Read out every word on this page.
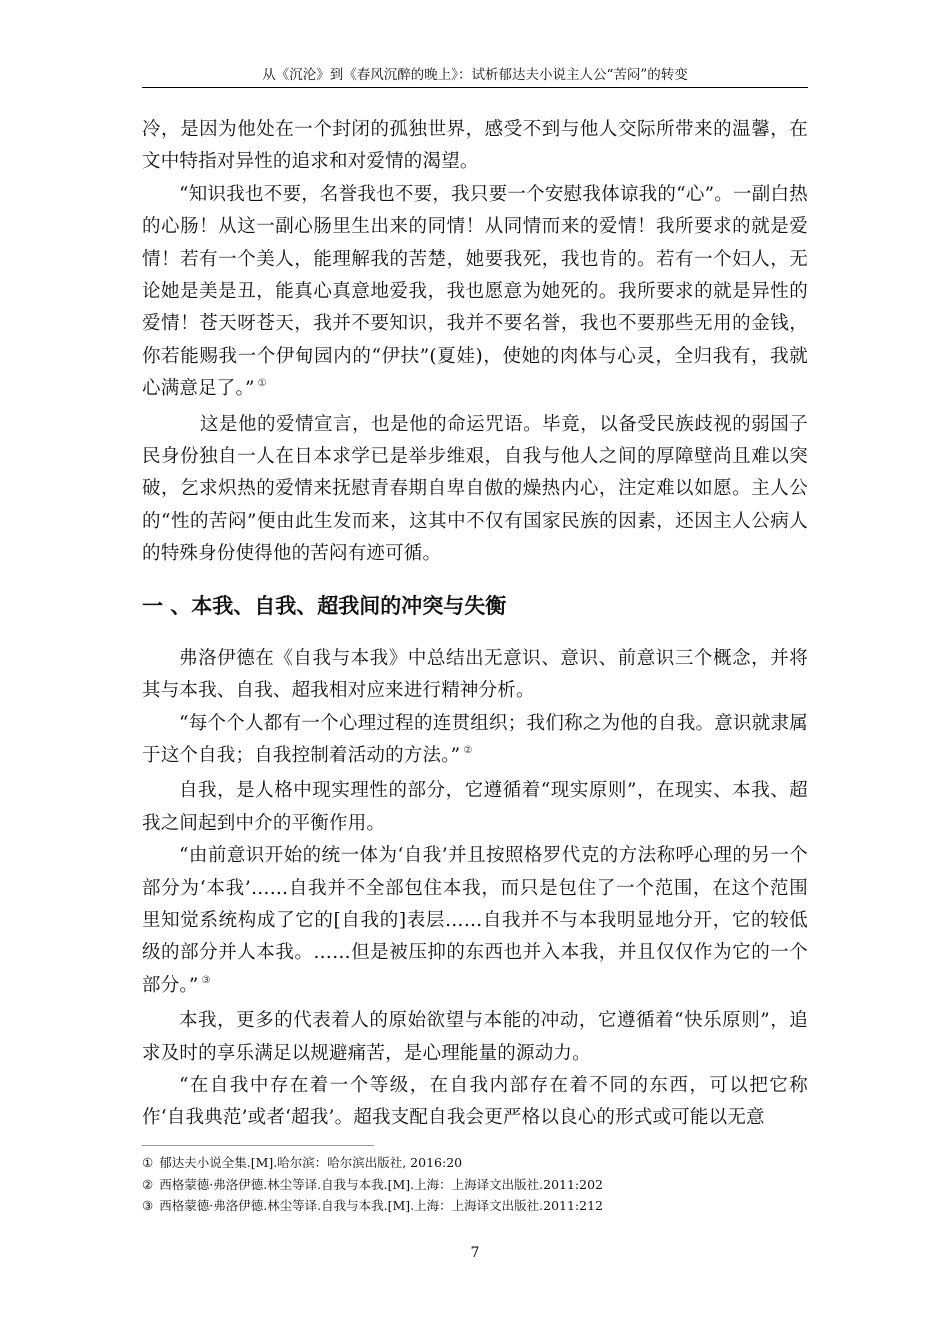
从《沉沦》到《春风沉醉的晚上》：试析郁达夫小说主人公“苦闷”的转变

冷，是因为他处在一个封闭的孤独世界，感受不到与他人交际所带来的温馨，在文中特指对异性的追求和对爱情的渴望。

“知识我也不要，名誉我也不要，我只要一个安慰我体谅我的“心”。一副白热的心肠！从这一副心肠里生出来的同情！从同情而来的爱情！我所要求的就是爱情！若有一个美人，能理解我的苦楚，她要我死，我也肯的。若有一个妇人，无论她是美是丑，能真心真意地爱我，我也愿意为她死的。我所要求的就是异性的爱情！苍天呀苍天，我并不要知识，我并不要名誉，我也不要那些无用的金钱，你若能赐我一个伊甸园内的“伊扶”(夏娃)，使她的肉体与心灵，全归我有，我就心满意足了。” ①

这是他的爱情宣言，也是他的命运咒语。毕竟，以备受民族歧视的弱国子民身份独自一人在日本求学已是举步维艰，自我与他人之间的厚障壁尚且难以突破，乞求炽热的爱情来抚慰青春期自卑自傲的燥热内心，注定难以如愿。主人公的“性的苦闷”便由此生发而来，这其中不仅有国家民族的因素，还因主人公病人的特殊身份使得他的苦闷有迹可循。

一 、本我、自我、超我间的冲突与失衡

弗洛伊德在《自我与本我》中总结出无意识、意识、前意识三个概念，并将其与本我、自我、超我相对应来进行精神分析。

“每个个人都有一个心理过程的连贯组织；我们称之为他的自我。意识就隶属于这个自我；自我控制着活动的方法。” ②

自我，是人格中现实理性的部分，它遵循着“现实原则”，在现实、本我、超我之间起到中介的平衡作用。

“由前意识开始的统一体为‘自我’并且按照格罗代克的方法称呼心理的另一个部分为‘本我’……自我并不全部包住本我，而只是包住了一个范围，在这个范围里知觉系统构成了它的[自我的]表层……自我并不与本我明显地分开，它的较低级的部分并人本我。……但是被压抑的东西也并入本我，并且仅仅作为它的一个部分。” ③

本我，更多的代表着人的原始欲望与本能的冲动，它遵循着“快乐原则”，追求及时的享乐满足以规避痛苦，是心理能量的源动力。

“在自我中存在着一个等级，在自我内部存在着不同的东西，可以把它称作‘自我典范’或者‘超我’。超我支配自我会更严格以良心的形式或可能以无意

① 郁达夫小说全集.[M].哈尔滨：哈尔滨出版社, 2016:20
② 西格蒙德·弗洛伊德.林尘等译.自我与本我.[M].上海：上海译文出版社.2011:202
③ 西格蒙德·弗洛伊德.林尘等译.自我与本我.[M].上海：上海译文出版社.2011:212
7
